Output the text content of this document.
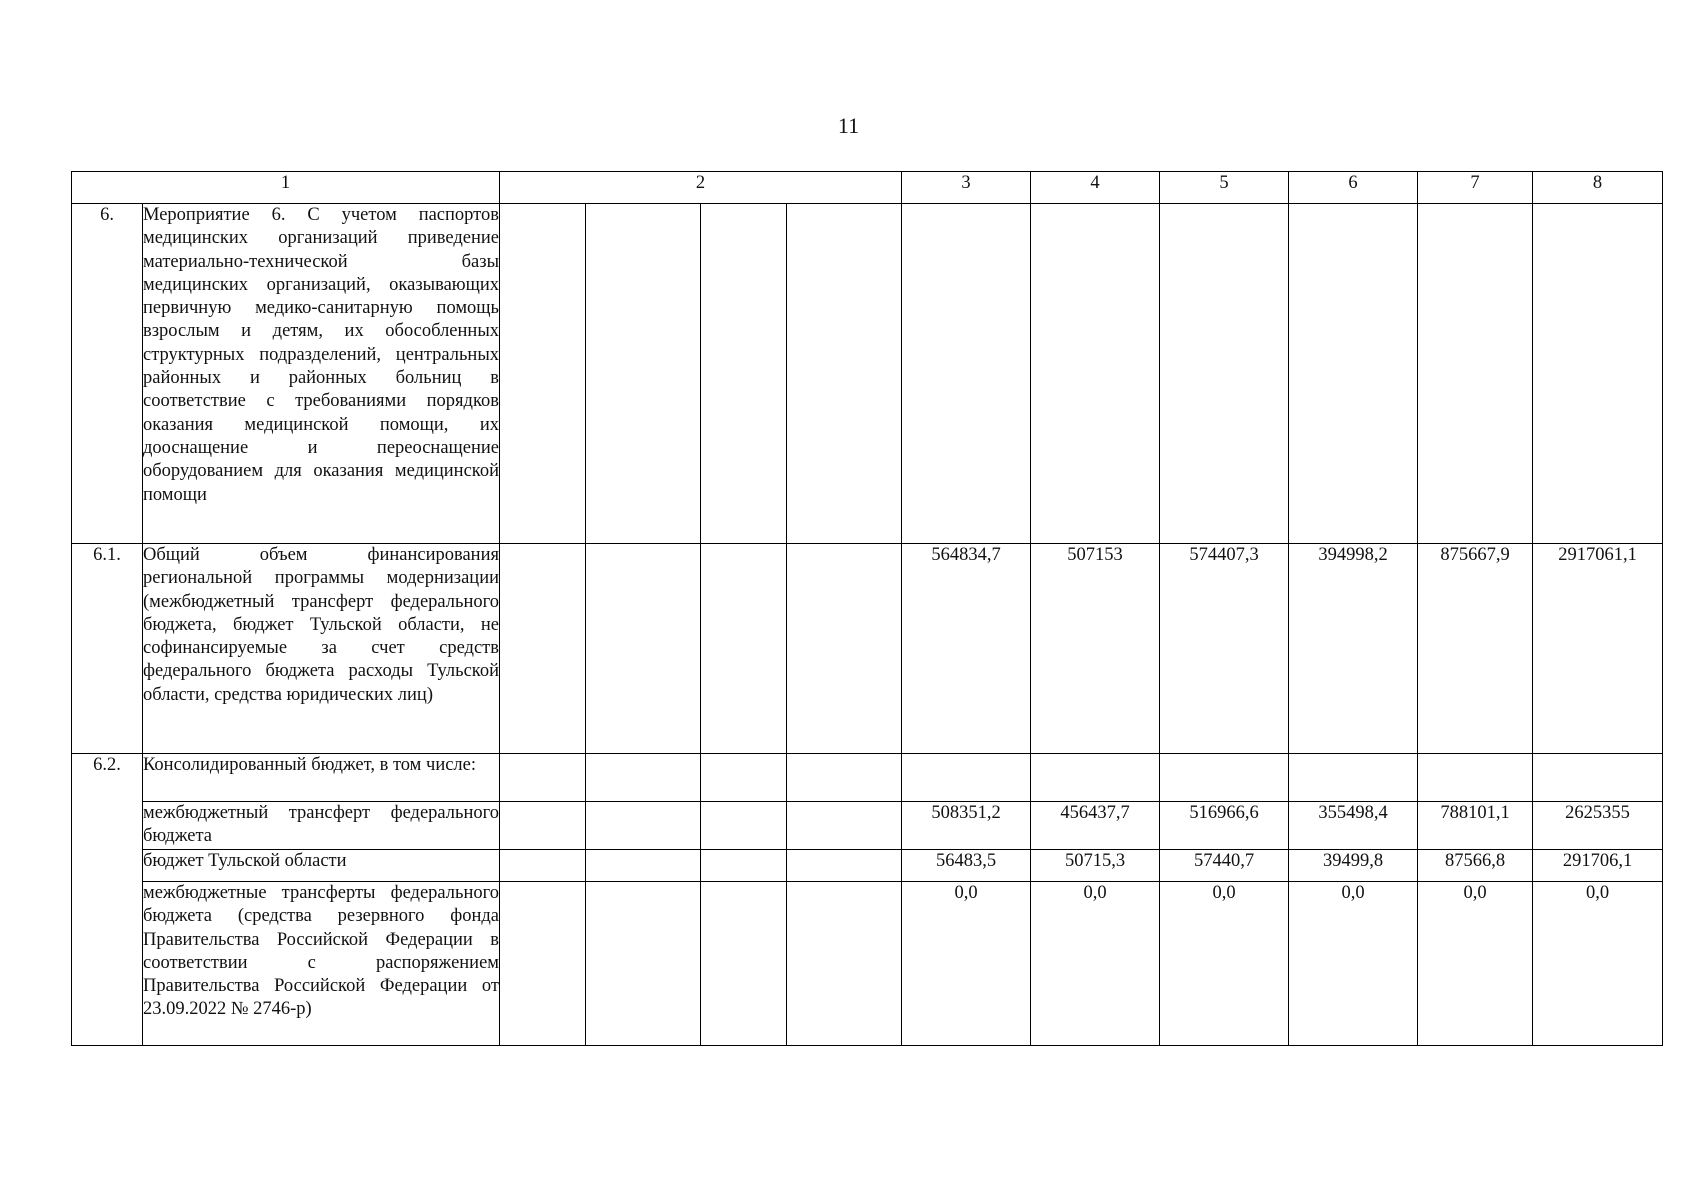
11
1		2				3	4	5	6	7	8
6.	Мероприятие 6. С учетом паспортов медицинских организаций приведение материально-технической базы медицинских организаций, оказывающих первичную медико-санитарную помощь взрослым и детям, их обособленных структурных подразделений, центральных районных и районных больниц в соответствие с требованиями порядков оказания медицинской помощи, их дооснащение и переоснащение оборудованием для оказания медицинской помощи										
6.1.	Общий объем финансирования региональной программы модернизации (межбюджетный трансферт федерального бюджета, бюджет Тульской области, не софинансируемые за счет средств федерального бюджета расходы Тульской области, средства юридических лиц)					564834,7	507153	574407,3	394998,2	875667,9	2917061,1
6.2.	Консолидированный бюджет, в том числе:										
	межбюджетный трансферт федерального бюджета					508351,2	456437,7	516966,6	355498,4	788101,1	2625355
	бюджет Тульской области					56483,5	50715,3	57440,7	39499,8	87566,8	291706,1
	межбюджетные трансферты федерального бюджета (средства резервного фонда Правительства Российской Федерации в соответствии с распоряжением Правительства Российской Федерации от 23.09.2022 № 2746-р)					0,0	0,0	0,0	0,0	0,0	0,0
